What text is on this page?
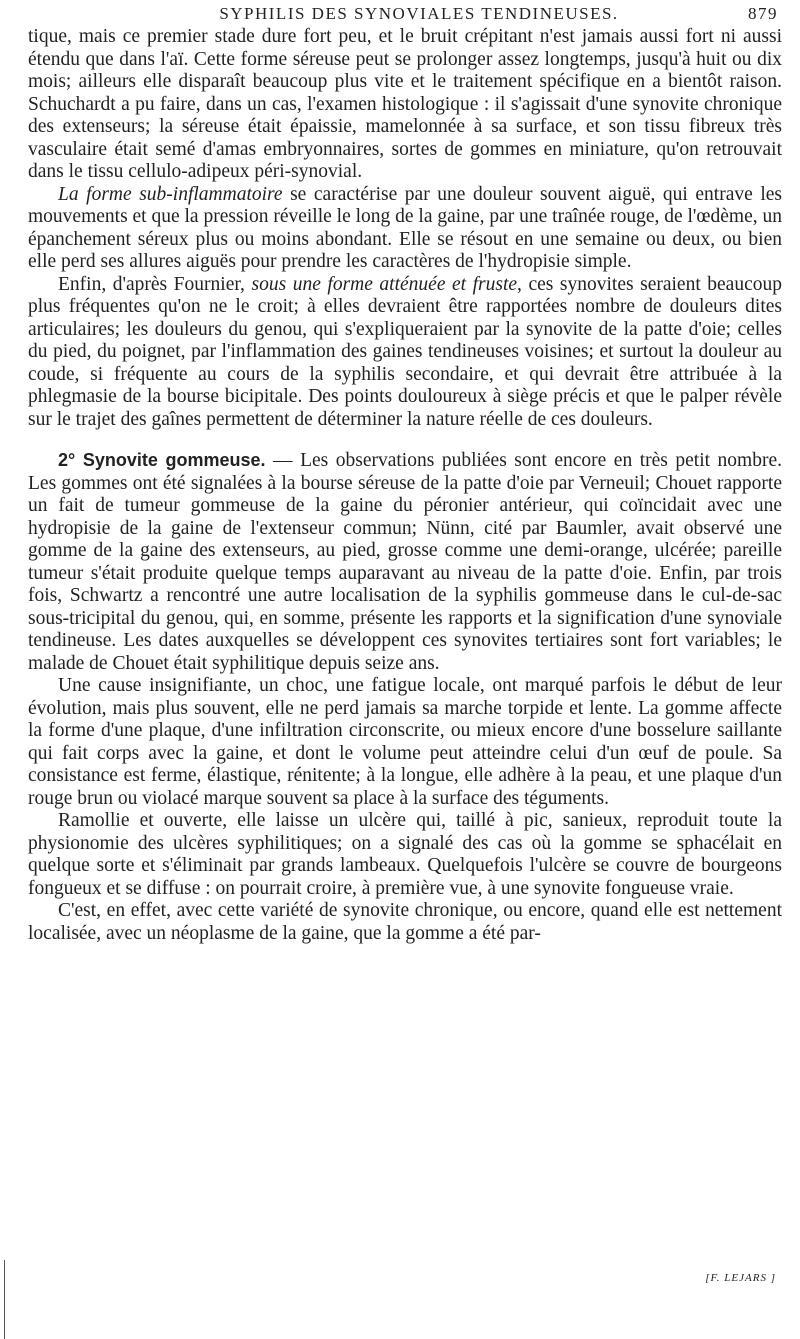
SYPHILIS DES SYNOVIALES TENDINEUSES.	879

tique, mais ce premier stade dure fort peu, et le bruit crépitant n'est jamais aussi fort ni aussi étendu que dans l'aï. Cette forme séreuse peut se prolonger assez longtemps, jusqu'à huit ou dix mois; ailleurs elle disparaît beaucoup plus vite et le traitement spécifique en a bientôt raison. Schuchardt a pu faire, dans un cas, l'examen histologique : il s'agissait d'une synovite chronique des extenseurs; la séreuse était épaissie, mamelonnée à sa surface, et son tissu fibreux très vasculaire était semé d'amas embryonnaires, sortes de gommes en miniature, qu'on retrouvait dans le tissu cellulo-adipeux péri-synovial.

La forme sub-inflammatoire se caractérise par une douleur souvent aiguë, qui entrave les mouvements et que la pression réveille le long de la gaine, par une traînée rouge, de l'œdème, un épanchement séreux plus ou moins abondant. Elle se résout en une semaine ou deux, ou bien elle perd ses allures aiguës pour prendre les caractères de l'hydropisie simple.

Enfin, d'après Fournier, sous une forme atténuée et fruste, ces synovites seraient beaucoup plus fréquentes qu'on ne le croit; à elles devraient être rapportées nombre de douleurs dites articulaires; les douleurs du genou, qui s'expliqueraient par la synovite de la patte d'oie; celles du pied, du poignet, par l'inflammation des gaines tendineuses voisines; et surtout la douleur au coude, si fréquente au cours de la syphilis secondaire, et qui devrait être attribuée à la phlegmasie de la bourse bicipitale. Des points douloureux à siège précis et que le palper révèle sur le trajet des gaînes permettent de déterminer la nature réelle de ces douleurs.

2° Synovite gommeuse. — Les observations publiées sont encore en très petit nombre. Les gommes ont été signalées à la bourse séreuse de la patte d'oie par Verneuil; Chouet rapporte un fait de tumeur gommeuse de la gaine du péronier antérieur, qui coïncidait avec une hydropisie de la gaine de l'extenseur commun; Nünn, cité par Baumler, avait observé une gomme de la gaine des extenseurs, au pied, grosse comme une demi-orange, ulcérée; pareille tumeur s'était produite quelque temps auparavant au niveau de la patte d'oie. Enfin, par trois fois, Schwartz a rencontré une autre localisation de la syphilis gommeuse dans le cul-de-sac sous-tricipital du genou, qui, en somme, présente les rapports et la signification d'une synoviale tendineuse. Les dates auxquelles se développent ces synovites tertiaires sont fort variables; le malade de Chouet était syphilitique depuis seize ans.

Une cause insignifiante, un choc, une fatigue locale, ont marqué parfois le début de leur évolution, mais plus souvent, elle ne perd jamais sa marche torpide et lente. La gomme affecte la forme d'une plaque, d'une infiltration circonscrite, ou mieux encore d'une bosselure saillante qui fait corps avec la gaine, et dont le volume peut atteindre celui d'un œuf de poule. Sa consistance est ferme, élastique, rénitente; à la longue, elle adhère à la peau, et une plaque d'un rouge brun ou violacé marque souvent sa place à la surface des téguments.

Ramollie et ouverte, elle laisse un ulcère qui, taillé à pic, sanieux, reproduit toute la physionomie des ulcères syphilitiques; on a signalé des cas où la gomme se sphacélait en quelque sorte et s'éliminait par grands lambeaux. Quelquefois l'ulcère se couvre de bourgeons fongueux et se diffuse : on pourrait croire, à première vue, à une synovite fongueuse vraie.

C'est, en effet, avec cette variété de synovite chronique, ou encore, quand elle est nettement localisée, avec un néoplasme de la gaine, que la gomme a été par-

[F. LEJARS ]
